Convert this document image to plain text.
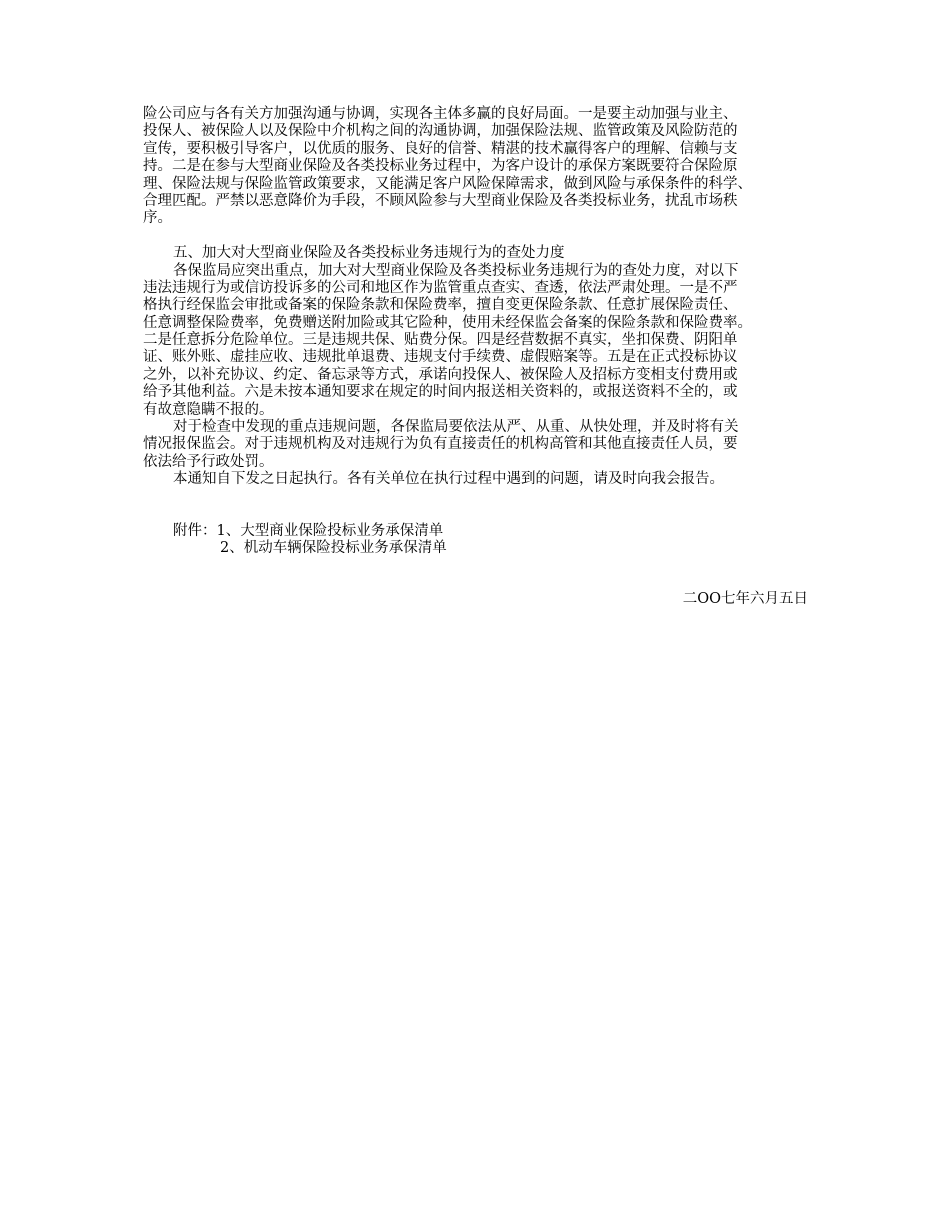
险公司应与各有关方加强沟通与协调，实现各主体多赢的良好局面。一是要主动加强与业主、
投保人、被保险人以及保险中介机构之间的沟通协调，加强保险法规、监管政策及风险防范的
宣传，要积极引导客户，以优质的服务、良好的信誉、精湛的技术赢得客户的理解、信赖与支
持。二是在参与大型商业保险及各类投标业务过程中，为客户设计的承保方案既要符合保险原
理、保险法规与保险监管政策要求，又能满足客户风险保障需求，做到风险与承保条件的科学、
合理匹配。严禁以恶意降价为手段，不顾风险参与大型商业保险及各类投标业务，扰乱市场秩
序。
五、加大对大型商业保险及各类投标业务违规行为的查处力度
各保监局应突出重点，加大对大型商业保险及各类投标业务违规行为的查处力度，对以下
违法违规行为或信访投诉多的公司和地区作为监管重点查实、查透，依法严肃处理。一是不严
格执行经保监会审批或备案的保险条款和保险费率，擅自变更保险条款、任意扩展保险责任、
任意调整保险费率，免费赠送附加险或其它险种，使用未经保监会备案的保险条款和保险费率。
二是任意拆分危险单位。三是违规共保、贴费分保。四是经营数据不真实，坐扣保费、阴阳单
证、账外账、虚挂应收、违规批单退费、违规支付手续费、虚假赔案等。五是在正式投标协议
之外，以补充协议、约定、备忘录等方式，承诺向投保人、被保险人及招标方变相支付费用或
给予其他利益。六是未按本通知要求在规定的时间内报送相关资料的，或报送资料不全的，或
有故意隐瞒不报的。
对于检查中发现的重点违规问题，各保监局要依法从严、从重、从快处理，并及时将有关
情况报保监会。对于违规机构及对违规行为负有直接责任的机构高管和其他直接责任人员，要
依法给予行政处罚。
本通知自下发之日起执行。各有关单位在执行过程中遇到的问题，请及时向我会报告。
附件：1、大型商业保险投标业务承保清单
2、机动车辆保险投标业务承保清单
二OO七年六月五日
